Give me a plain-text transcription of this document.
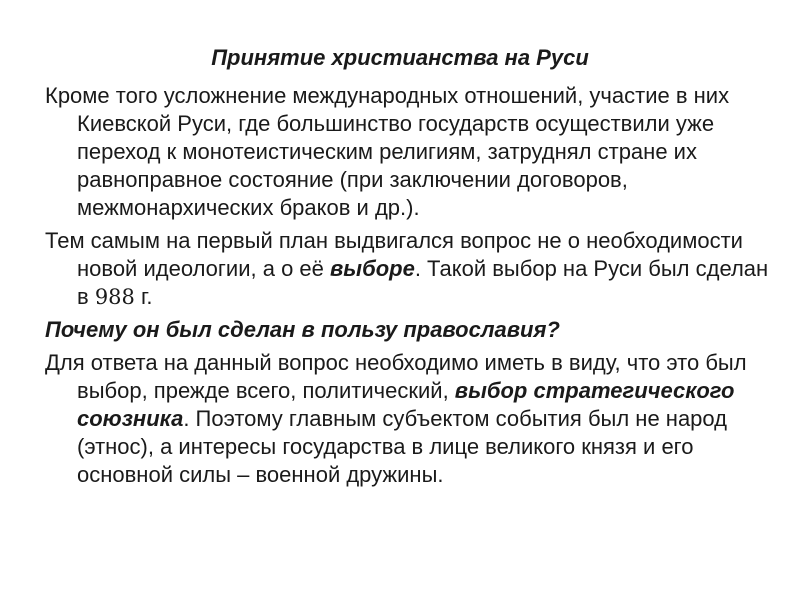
Принятие христианства на Руси

Кроме того усложнение международных отношений, участие в них Киевской Руси, где большинство государств осуществили уже переход к монотеистическим религиям, затруднял стране их равноправное состояние (при заключении договоров, межмонархических браков и др.).

Тем самым на первый план выдвигался вопрос не о необходимости новой идеологии, а о её выборе. Такой выбор на Руси был сделан в 988 г.

Почему он был сделан в пользу православия?

Для ответа на данный вопрос необходимо иметь в виду, что это был выбор, прежде всего, политический, выбор стратегического союзника. Поэтому главным субъектом события был не народ (этнос), а интересы государства в лице великого князя и его основной силы – военной дружины.
